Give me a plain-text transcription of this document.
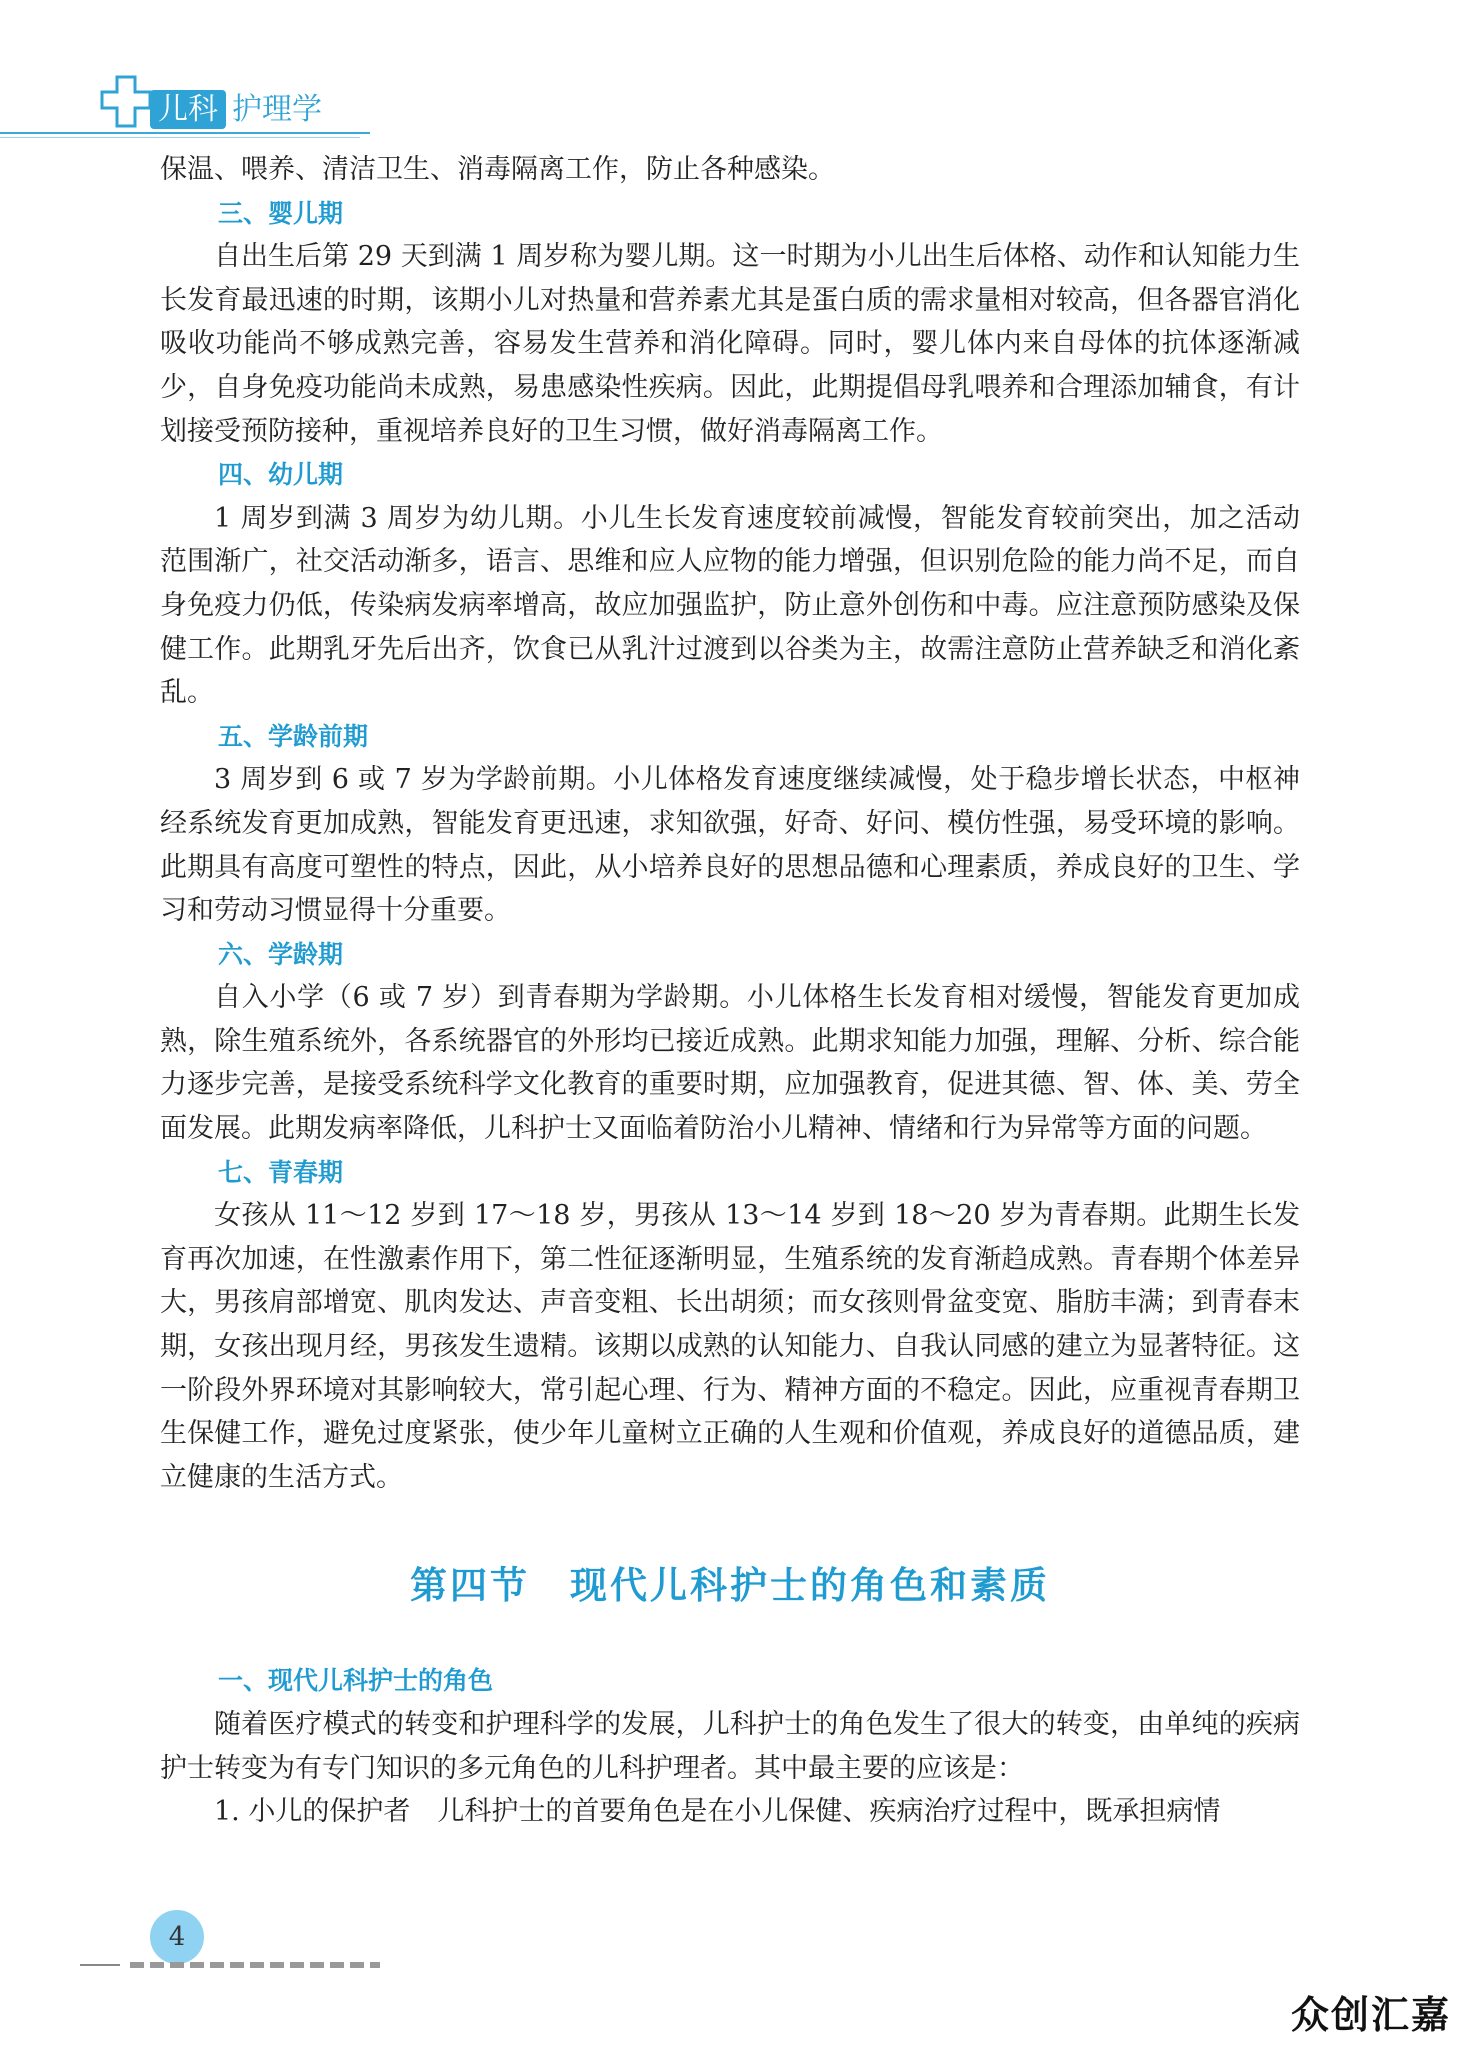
儿科 护理学

保温、喂养、清洁卫生、消毒隔离工作，防止各种感染。

三、婴儿期

自出生后第 29 天到满 1 周岁称为婴儿期。这一时期为小儿出生后体格、动作和认知能力生长发育最迅速的时期，该期小儿对热量和营养素尤其是蛋白质的需求量相对较高，但各器官消化吸收功能尚不够成熟完善，容易发生营养和消化障碍。同时，婴儿体内来自母体的抗体逐渐减少，自身免疫功能尚未成熟，易患感染性疾病。因此，此期提倡母乳喂养和合理添加辅食，有计划接受预防接种，重视培养良好的卫生习惯，做好消毒隔离工作。

四、幼儿期

1 周岁到满 3 周岁为幼儿期。小儿生长发育速度较前减慢，智能发育较前突出，加之活动范围渐广，社交活动渐多，语言、思维和应人应物的能力增强，但识别危险的能力尚不足，而自身免疫力仍低，传染病发病率增高，故应加强监护，防止意外创伤和中毒。应注意预防感染及保健工作。此期乳牙先后出齐，饮食已从乳汁过渡到以谷类为主，故需注意防止营养缺乏和消化紊乱。

五、学龄前期

3 周岁到 6 或 7 岁为学龄前期。小儿体格发育速度继续减慢，处于稳步增长状态，中枢神经系统发育更加成熟，智能发育更迅速，求知欲强，好奇、好问、模仿性强，易受环境的影响。此期具有高度可塑性的特点，因此，从小培养良好的思想品德和心理素质，养成良好的卫生、学习和劳动习惯显得十分重要。

六、学龄期

自入小学（6 或 7 岁）到青春期为学龄期。小儿体格生长发育相对缓慢，智能发育更加成熟，除生殖系统外，各系统器官的外形均已接近成熟。此期求知能力加强，理解、分析、综合能力逐步完善，是接受系统科学文化教育的重要时期，应加强教育，促进其德、智、体、美、劳全面发展。此期发病率降低，儿科护士又面临着防治小儿精神、情绪和行为异常等方面的问题。

七、青春期

女孩从 11～12 岁到 17～18 岁，男孩从 13～14 岁到 18～20 岁为青春期。此期生长发育再次加速，在性激素作用下，第二性征逐渐明显，生殖系统的发育渐趋成熟。青春期个体差异大，男孩肩部增宽、肌肉发达、声音变粗、长出胡须；而女孩则骨盆变宽、脂肪丰满；到青春末期，女孩出现月经，男孩发生遗精。该期以成熟的认知能力、自我认同感的建立为显著特征。这一阶段外界环境对其影响较大，常引起心理、行为、精神方面的不稳定。因此，应重视青春期卫生保健工作，避免过度紧张，使少年儿童树立正确的人生观和价值观，养成良好的道德品质，建立健康的生活方式。

第四节　现代儿科护士的角色和素质
一、现代儿科护士的角色

随着医疗模式的转变和护理科学的发展，儿科护士的角色发生了很大的转变，由单纯的疾病护士转变为有专门知识的多元角色的儿科护理者。其中最主要的应该是：

1. 小儿的保护者　儿科护士的首要角色是在小儿保健、疾病治疗过程中，既承担病情

4
众创汇嘉
